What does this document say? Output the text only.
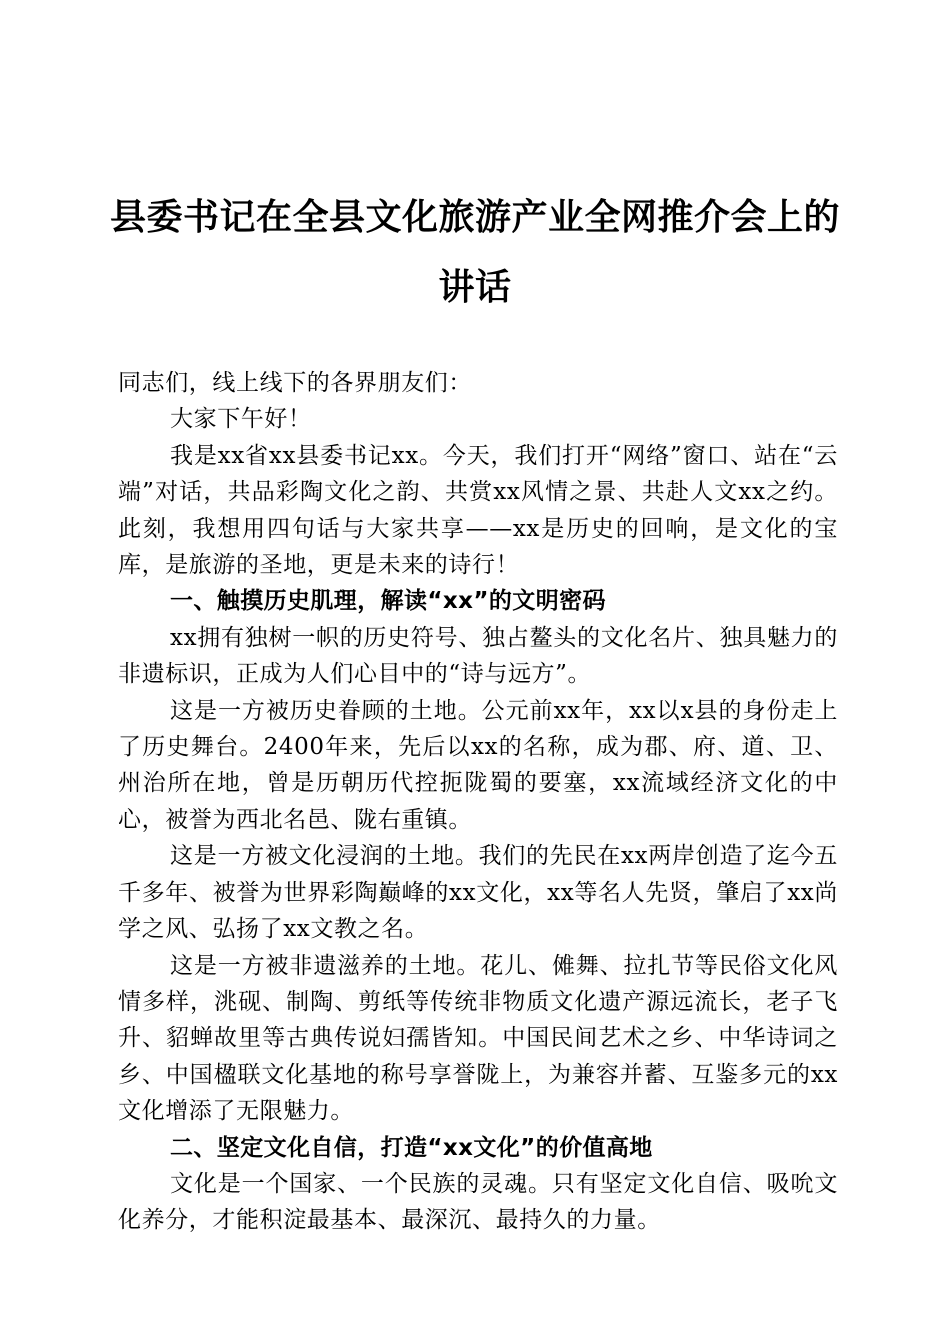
县委书记在全县文化旅游产业全网推介会上的
讲话

同志们，线上线下的各界朋友们：

大家下午好！

我是xx省xx县委书记xx。今天，我们打开“网络”窗口、站在“云端”对话，共品彩陶文化之韵、共赏xx风情之景、共赴人文xx之约。此刻，我想用四句话与大家共享——xx是历史的回响，是文化的宝库，是旅游的圣地，更是未来的诗行！

一、触摸历史肌理，解读“xx”的文明密码

xx拥有独树一帜的历史符号、独占鳌头的文化名片、独具魅力的非遗标识，正成为人们心目中的“诗与远方”。

这是一方被历史眷顾的土地。公元前xx年，xx以x县的身份走上了历史舞台。2400年来，先后以xx的名称，成为郡、府、道、卫、州治所在地，曾是历朝历代控扼陇蜀的要塞，xx流域经济文化的中心，被誉为西北名邑、陇右重镇。

这是一方被文化浸润的土地。我们的先民在xx两岸创造了迄今五千多年、被誉为世界彩陶巅峰的xx文化，xx等名人先贤，肇启了xx尚学之风、弘扬了xx文教之名。

这是一方被非遗滋养的土地。花儿、傩舞、拉扎节等民俗文化风情多样，洮砚、制陶、剪纸等传统非物质文化遗产源远流长，老子飞升、貂蝉故里等古典传说妇孺皆知。中国民间艺术之乡、中华诗词之乡、中国楹联文化基地的称号享誉陇上，为兼容并蓄、互鉴多元的xx文化增添了无限魅力。

二、坚定文化自信，打造“xx文化”的价值高地

文化是一个国家、一个民族的灵魂。只有坚定文化自信、吸吮文化养分，才能积淀最基本、最深沉、最持久的力量。
